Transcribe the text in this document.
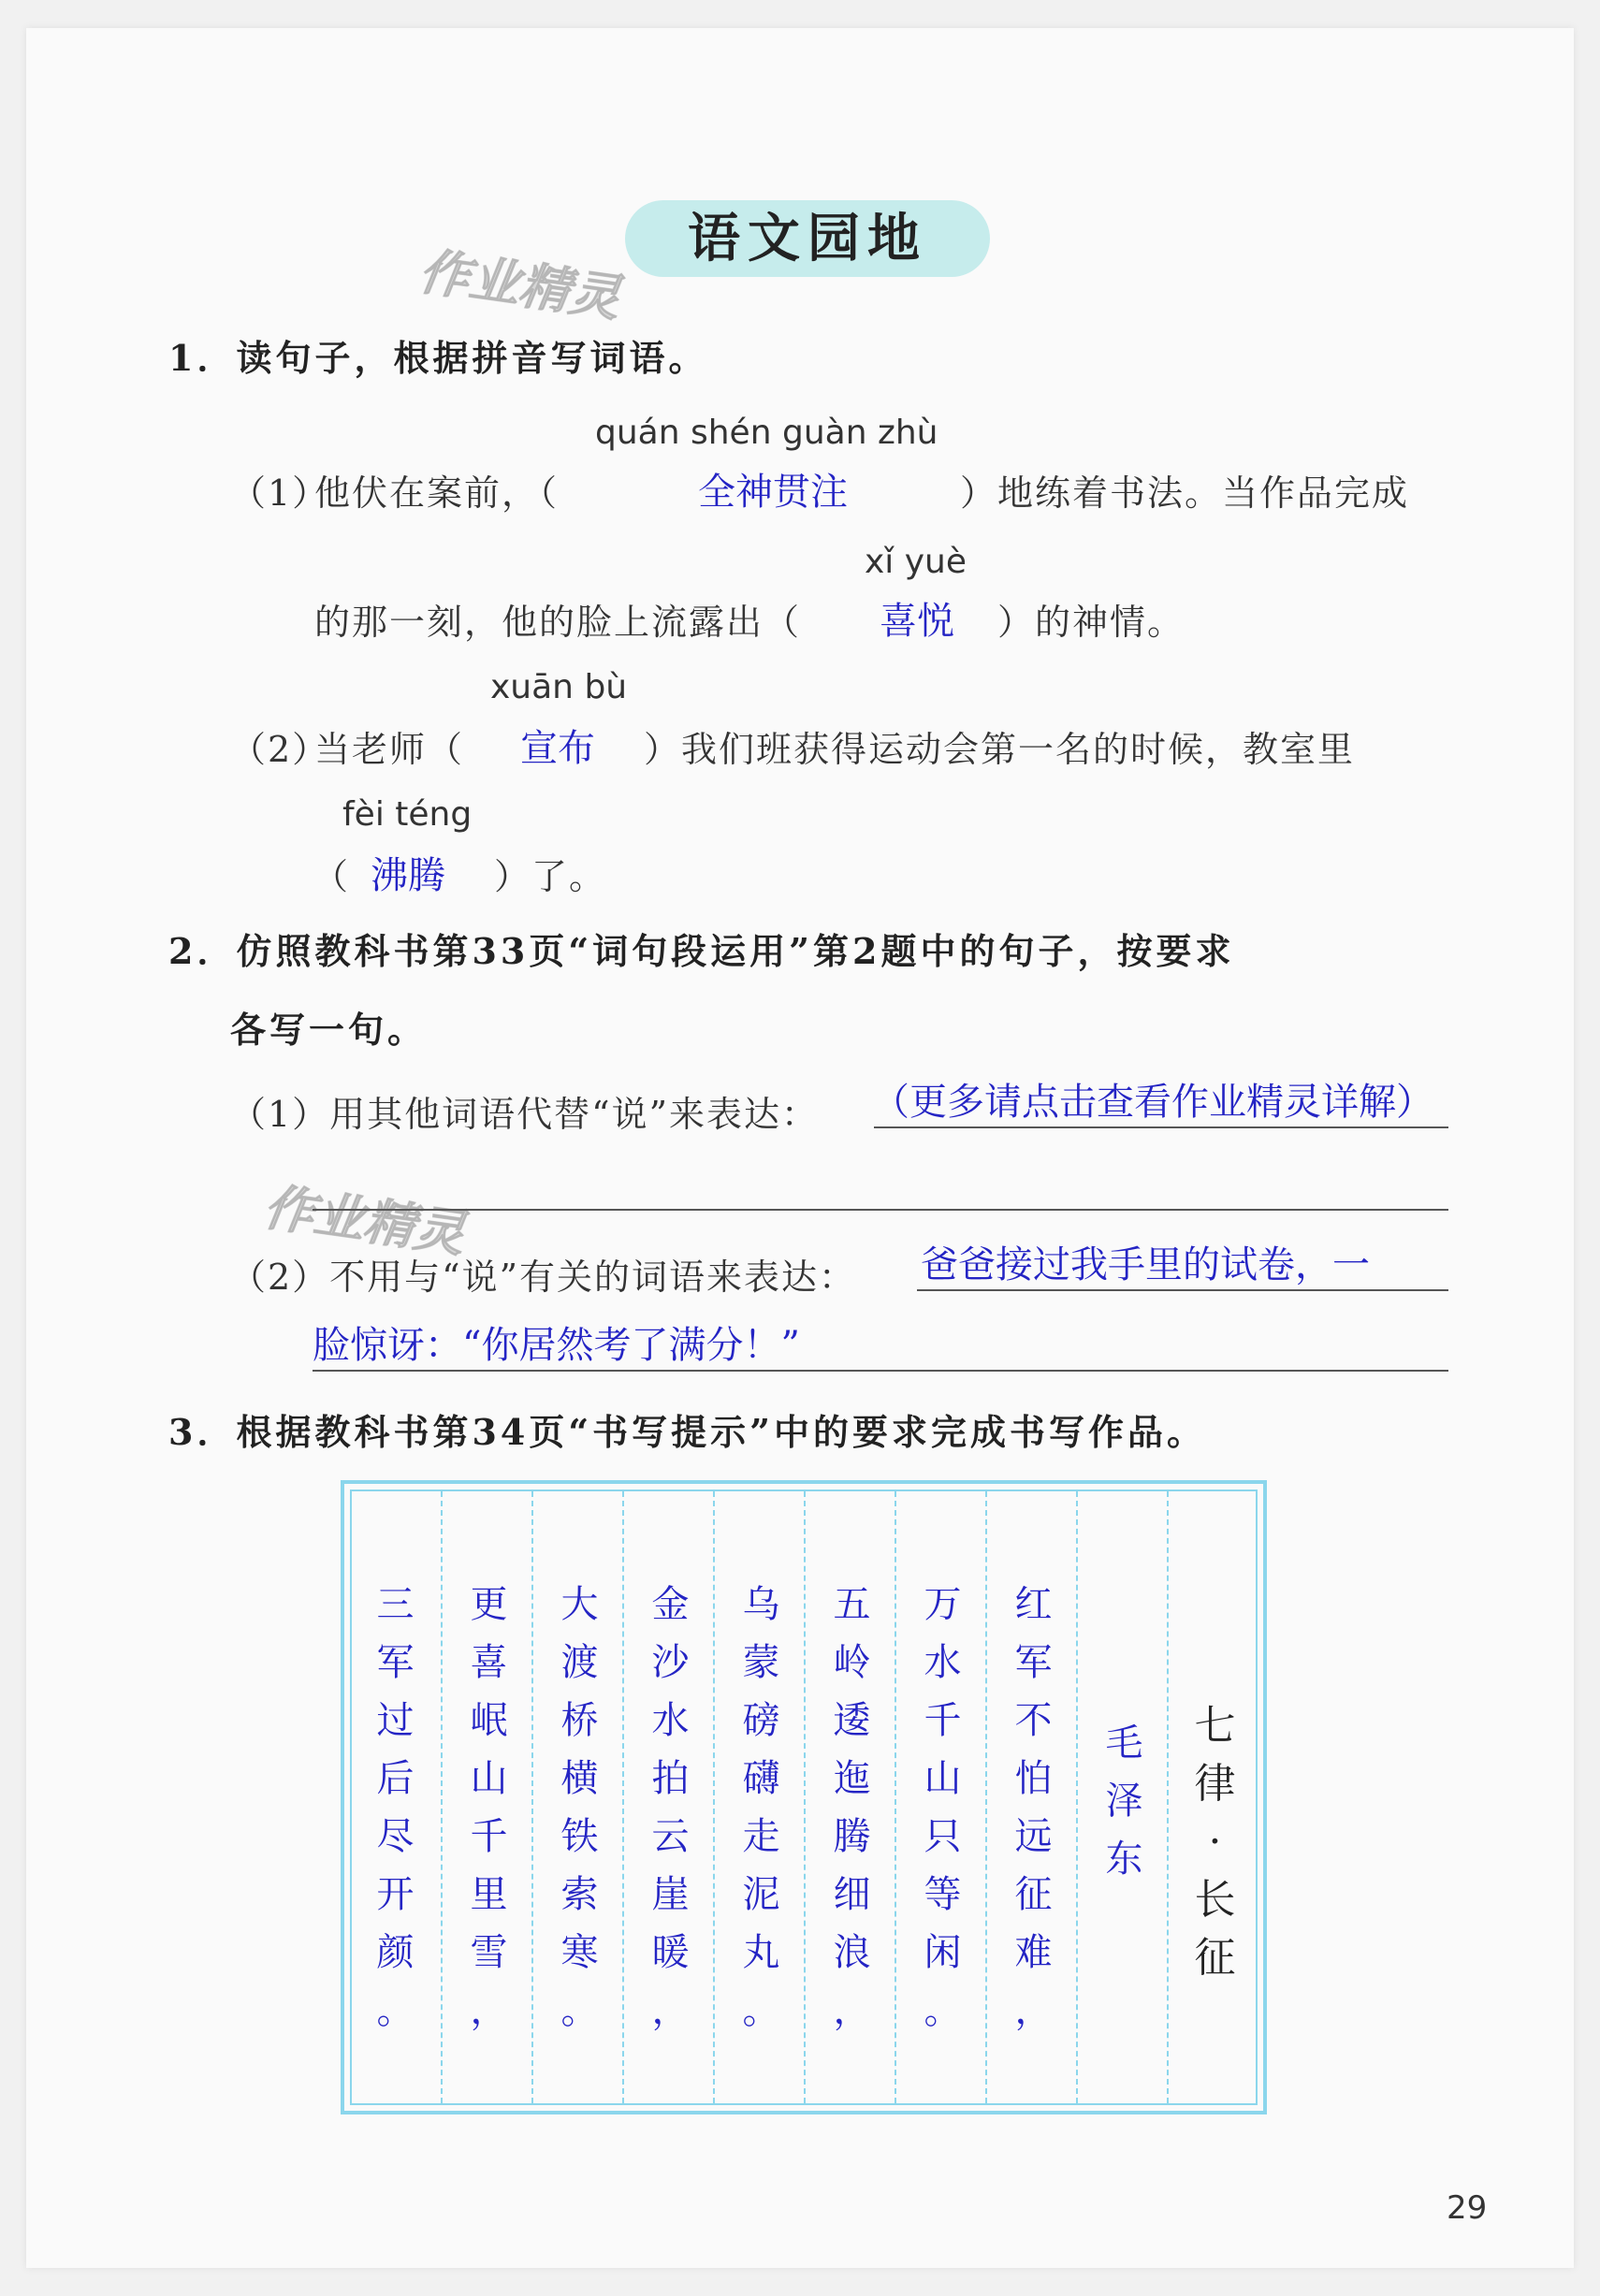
语文园地
作业精灵
作业精灵
1．读句子，根据拼音写词语。
quán shén guàn zhù
（1）
他伏在案前，（	全神贯注	）地练着书法。当作品完成
xǐ yuè
的那一刻，他的脸上流露出（ 喜悦 ）的神情。
xuān bù
（2）
当老师（ 宣布 ）我们班获得运动会第一名的时候，教室里
fèi téng
（ 沸腾 ）了。
2．仿照教科书第33页“词句段运用”第2题中的句子，按要求
各写一句。
（1）用其他词语代替“说”来表达： （更多请点击查看作业精灵详解）
（2）不用与“说”有关的词语来表达： 爸爸接过我手里的试卷，一
脸惊讶：“你居然考了满分！”
3．根据教科书第34页“书写提示”中的要求完成书写作品。
七
律
·
长
征
毛
泽
东
红
军
不
怕
远
征
难
，
万
水
千
山
只
等
闲
。
五
岭
逶
迤
腾
细
浪
，
乌
蒙
磅
礴
走
泥
丸
。
金
沙
水
拍
云
崖
暖
，
大
渡
桥
横
铁
索
寒
。
更
喜
岷
山
千
里
雪
，
三
军
过
后
尽
开
颜
。
29
